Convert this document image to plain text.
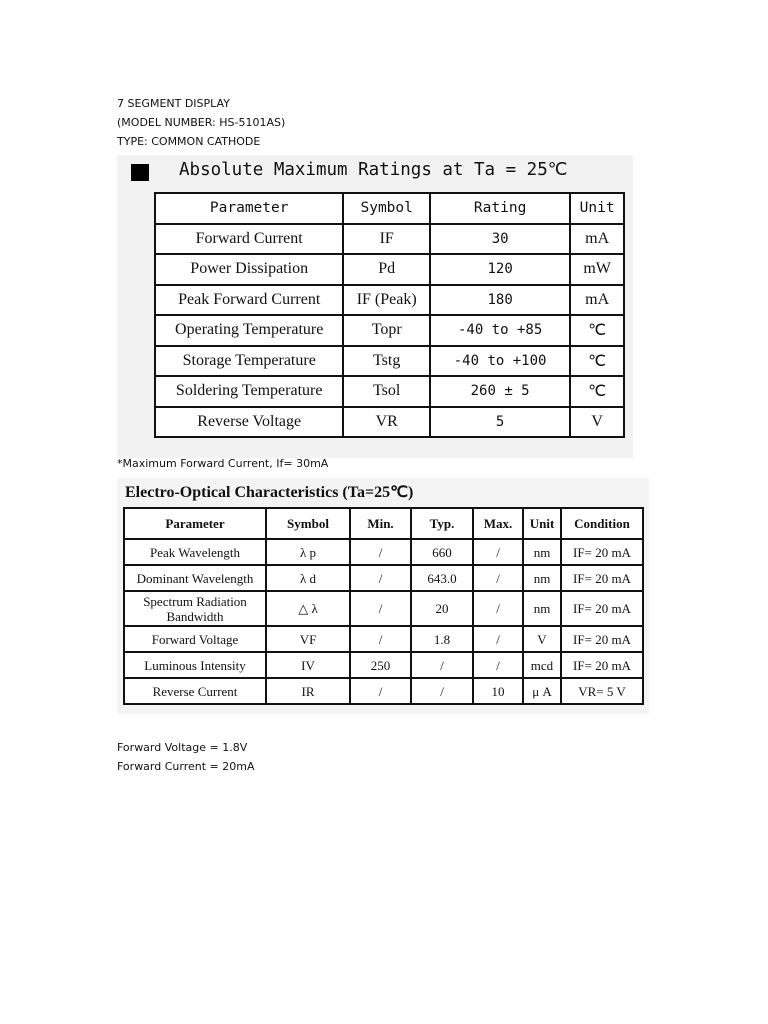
7 SEGMENT DISPLAY
(MODEL NUMBER: HS-5101AS)
TYPE: COMMON CATHODE
Absolute Maximum Ratings at Ta = 25℃
Parameter	Symbol	Rating	Unit
Forward Current	IF	30	mA
Power Dissipation	Pd	120	mW
Peak Forward Current	IF (Peak)	180	mA
Operating Temperature	Topr	-40 to +85	℃
Storage Temperature	Tstg	-40 to +100	℃
Soldering Temperature	Tsol	260 ± 5	℃
Reverse Voltage	VR	5	V
*Maximum Forward Current, If= 30mA
Electro-Optical Characteristics (Ta=25℃)
Parameter	Symbol	Min.	Typ.	Max.	Unit	Condition
Peak Wavelength	λ p	/	660	/	nm	IF= 20 mA
Dominant Wavelength	λ d	/	643.0	/	nm	IF= 20 mA
Spectrum Radiation Bandwidth	△ λ	/	20	/	nm	IF= 20 mA
Forward Voltage	VF	/	1.8	/	V	IF= 20 mA
Luminous Intensity	IV	250	/	/	mcd	IF= 20 mA
Reverse Current	IR	/	/	10	μ A	VR= 5 V
Forward Voltage = 1.8V
Forward Current = 20mA
